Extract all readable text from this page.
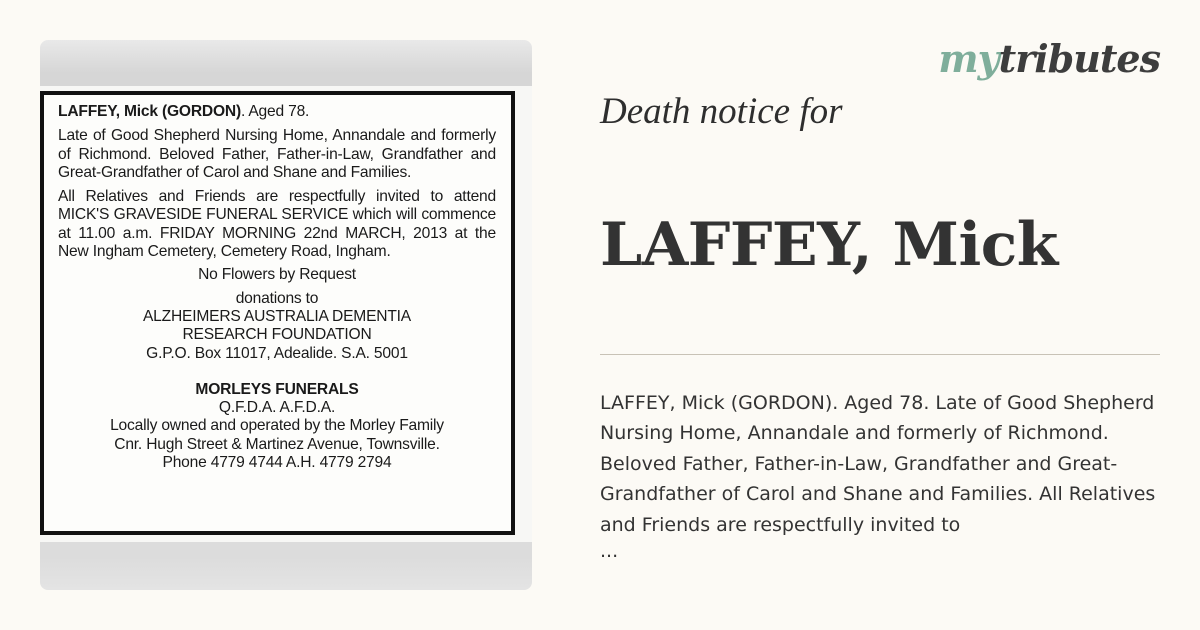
LAFFEY, Mick (GORDON). Aged 78.
Late of Good Shepherd Nursing Home, Annandale and formerly of Richmond. Beloved Father, Father-in-Law, Grandfather and Great-Grandfather of Carol and Shane and Families.
All Relatives and Friends are respectfully invited to attend MICK'S GRAVESIDE FUNERAL SERVICE which will commence at 11.00 a.m. FRIDAY MORNING 22nd MARCH, 2013 at the New Ingham Cemetery, Cemetery Road, Ingham.
No Flowers by Request
donations to
ALZHEIMERS AUSTRALIA DEMENTIA
RESEARCH FOUNDATION
G.P.O. Box 11017, Adealide. S.A. 5001
MORLEYS FUNERALS
Q.F.D.A. A.F.D.A.
Locally owned and operated by the Morley Family
Cnr. Hugh Street & Martinez Avenue, Townsville.
Phone 4779 4744 A.H. 4779 2794
mytributes
Death notice for
LAFFEY, Mick
LAFFEY, Mick (GORDON). Aged 78. Late of Good Shepherd Nursing Home, Annandale and formerly of Richmond. Beloved Father, Father-in-Law, Grandfather and Great-Grandfather of Carol and Shane and Families. All Relatives and Friends are respectfully invited to
...
